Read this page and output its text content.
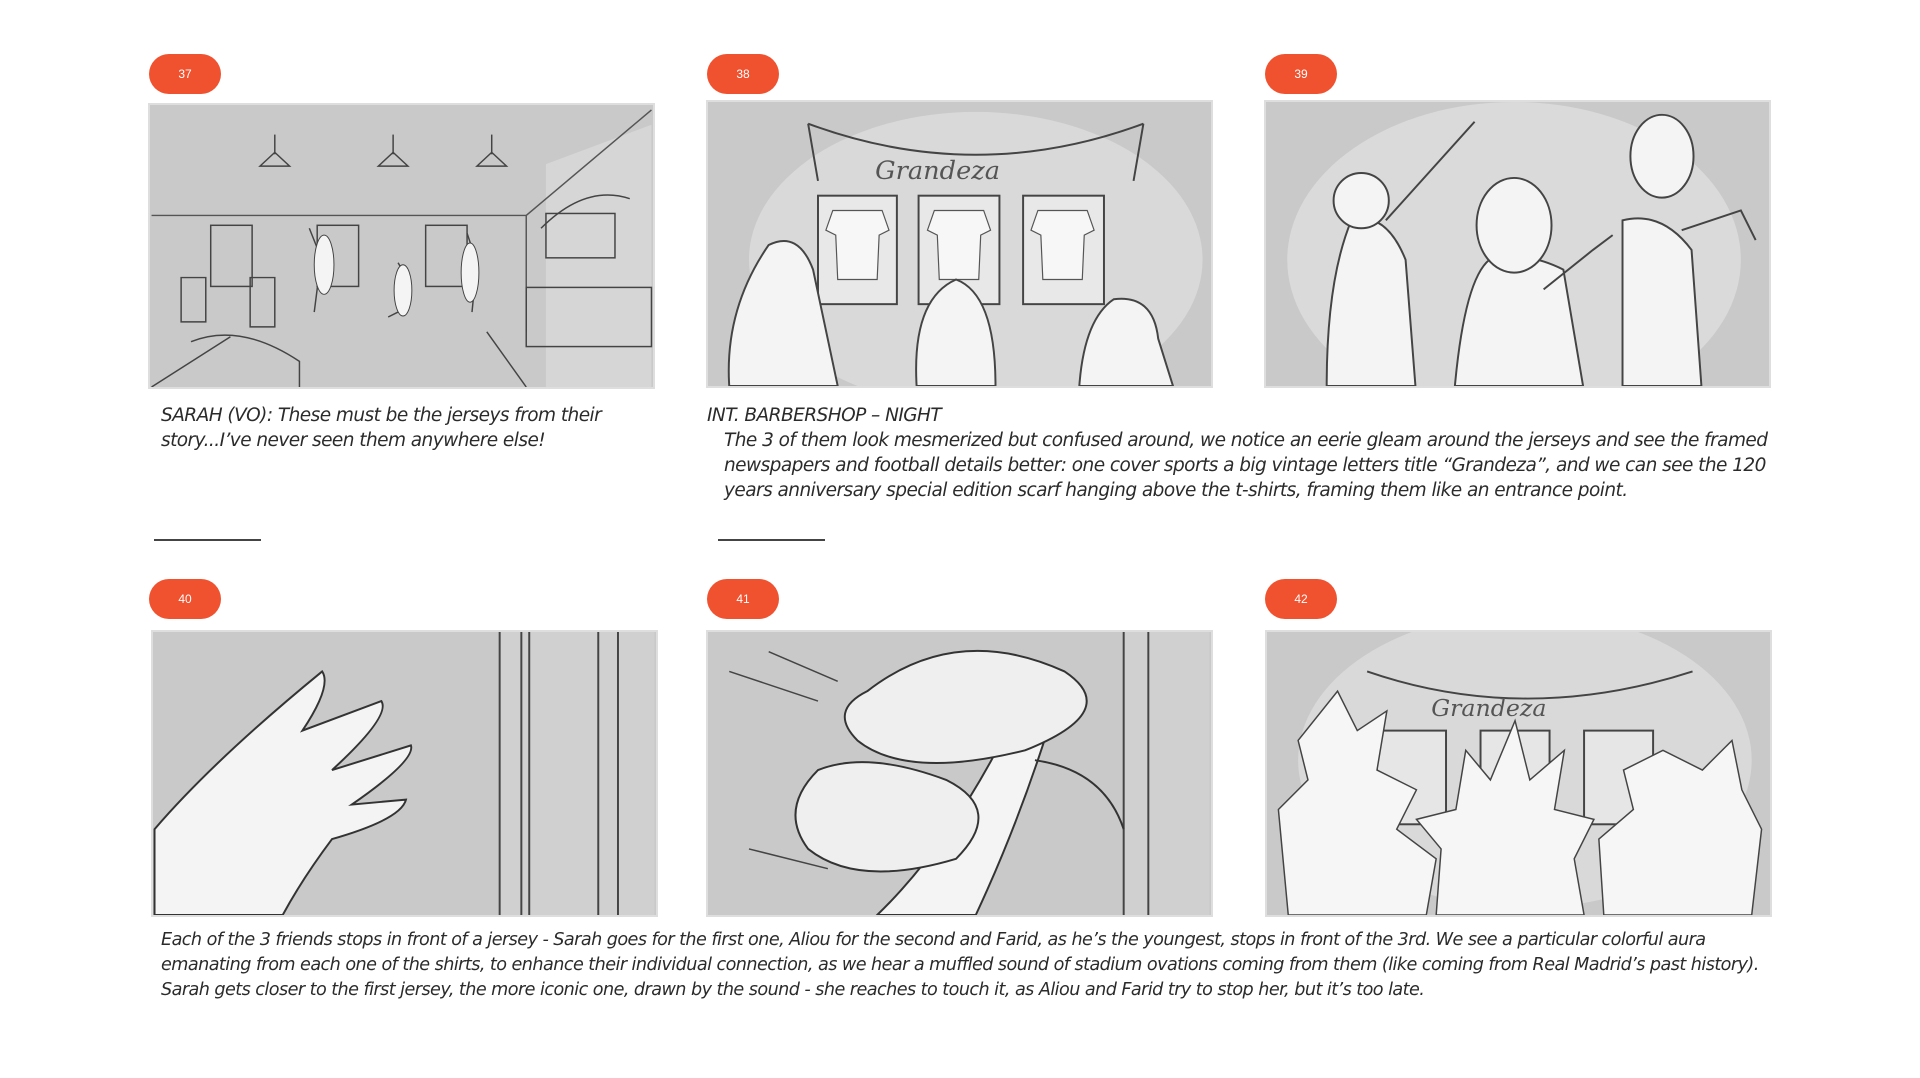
37	38	39
40	41	42
Grandeza
Grandeza
SARAH (VO): These must be the jerseys from their
story...I’ve never seen them anywhere else!
INT. BARBERSHOP – NIGHT
The 3 of them look mesmerized but confused around, we notice an eerie gleam around the jerseys and see the framed
newspapers and football details better: one cover sports a big vintage letters title “Grandeza”, and we can see the 120
years anniversary special edition scarf hanging above the t-shirts, framing them like an entrance point.
Each of the 3 friends stops in front of a jersey - Sarah goes for the first one, Aliou for the second and Farid, as he’s the youngest, stops in front of the 3rd. We see a particular colorful aura
emanating from each one of the shirts, to enhance their individual connection, as we hear a muffled sound of stadium ovations coming from them (like coming from Real Madrid’s past history).
Sarah gets closer to the first jersey, the more iconic one, drawn by the sound - she reaches to touch it, as Aliou and Farid try to stop her, but it’s too late.
